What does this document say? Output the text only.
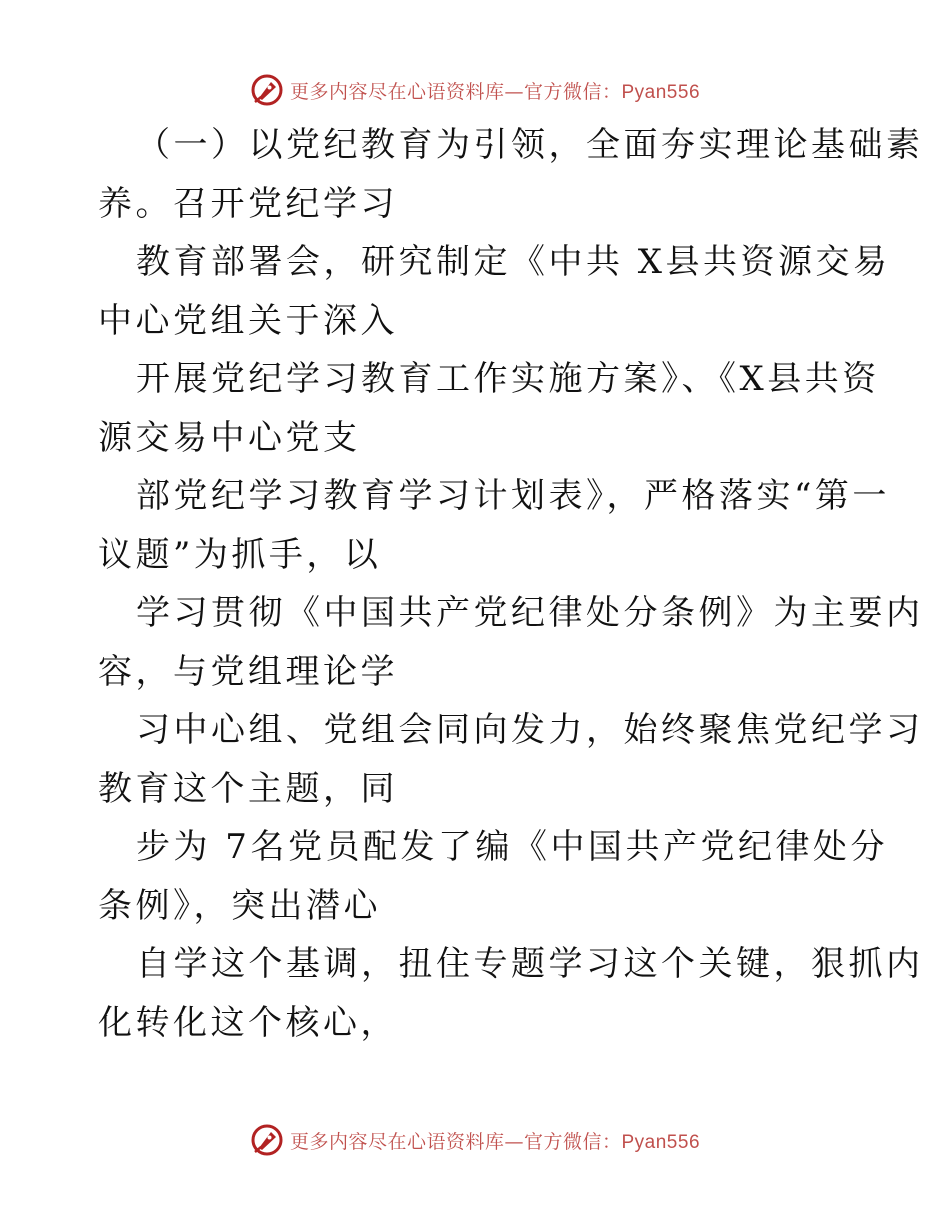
更多内容尽在心语资料库—官方微信：Pyan556
（一）以党纪教育为引领，全面夯实理论基础素
养。召开党纪学习
教育部署会，研究制定《中共 X县共资源交易
中心党组关于深入
开展党纪学习教育工作实施方案》、《X县共资
源交易中心党支
部党纪学习教育学习计划表》，严格落实“第一
议题”为抓手，以
学习贯彻《中国共产党纪律处分条例》为主要内
容，与党组理论学
习中心组、党组会同向发力，始终聚焦党纪学习
教育这个主题，同
步为 7名党员配发了编《中国共产党纪律处分
条例》，突出潜心
自学这个基调，扭住专题学习这个关键，狠抓内
化转化这个核心，
更多内容尽在心语资料库—官方微信：Pyan556
